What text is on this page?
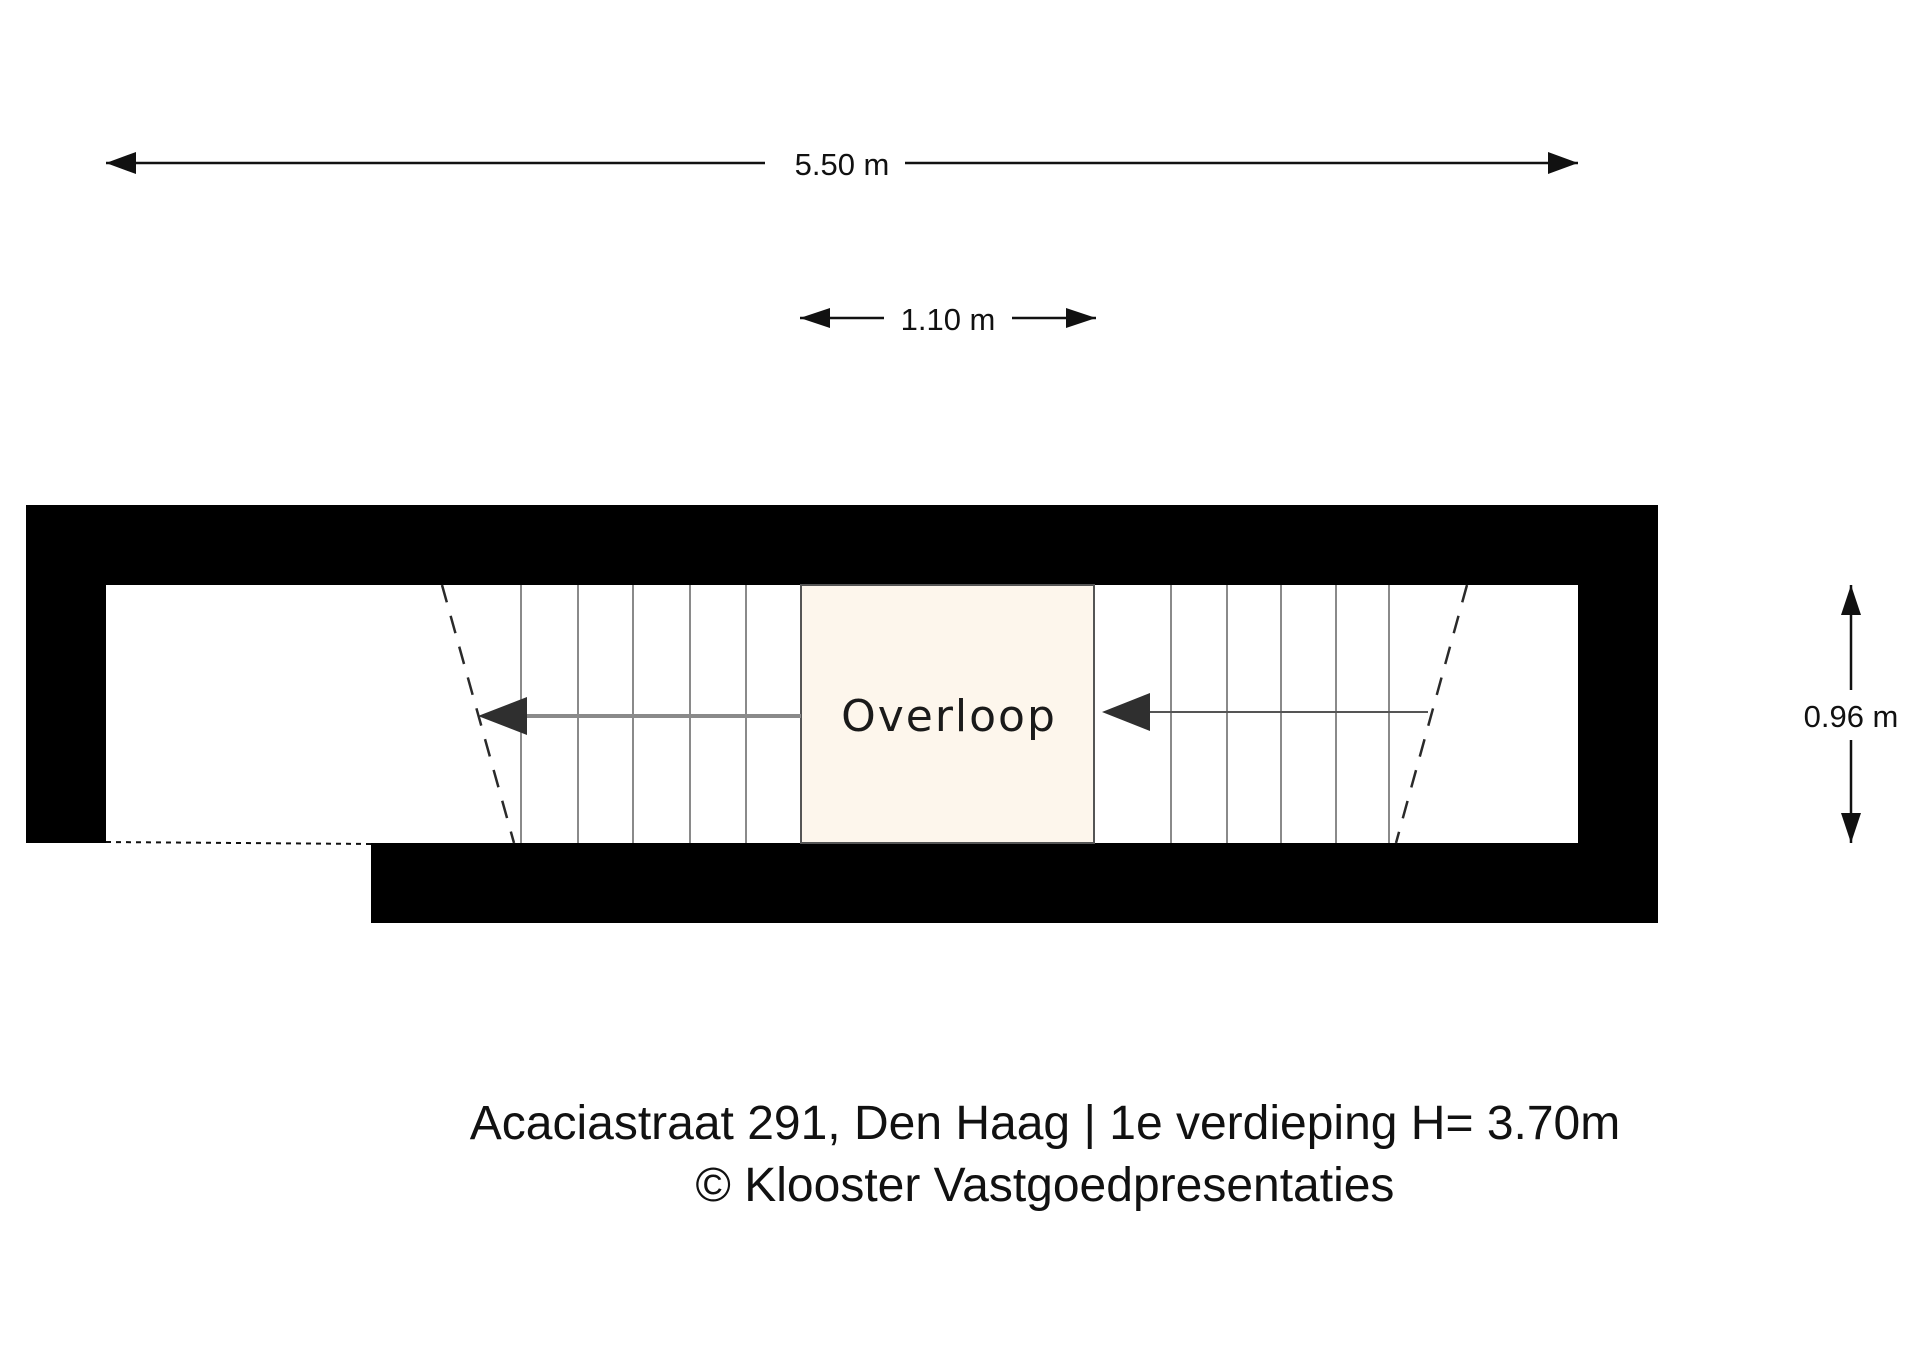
5.50 m
1.10 m
0.96 m
Overloop
Acaciastraat 291, Den Haag | 1e verdieping H= 3.70m
© Klooster Vastgoedpresentaties
